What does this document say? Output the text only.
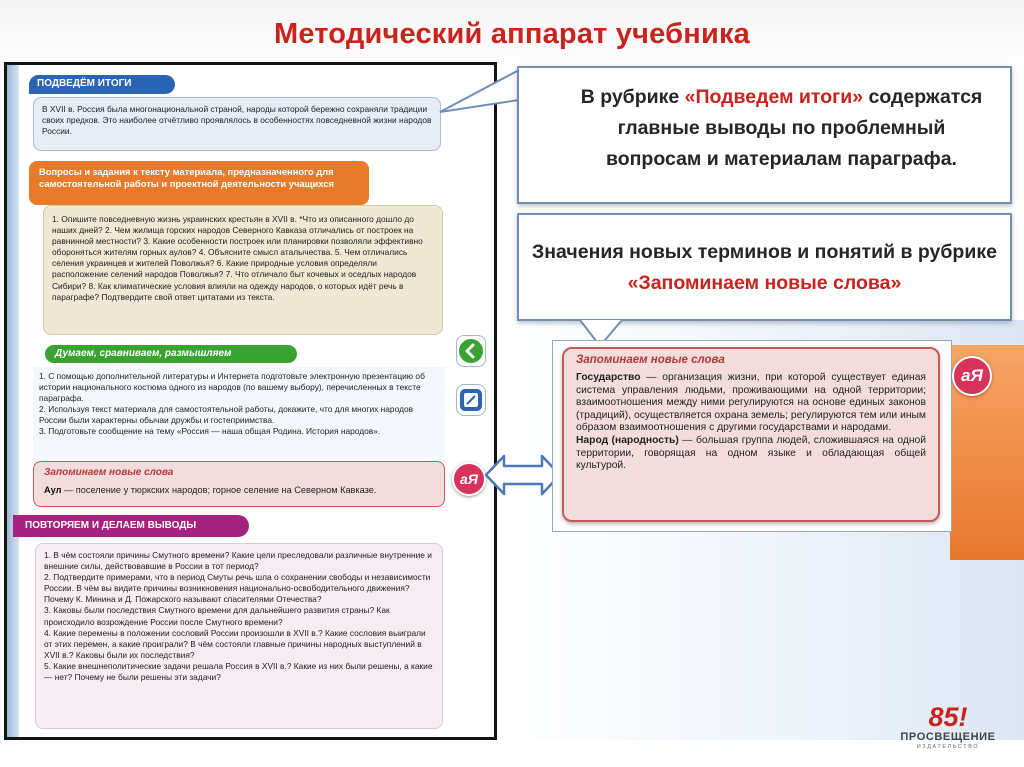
Методический аппарат учебника
ПОДВЕДЁМ ИТОГИ
В XVII в. Россия была многонациональной страной, народы которой бережно сохраняли традиции своих предков. Это наиболее отчётливо проявлялось в особенностях повседневной жизни народов России.
Вопросы и задания к тексту материала, предназначенного для самостоятельной работы и проектной деятельности учащихся
1. Опишите повседневную жизнь украинских крестьян в XVII в. *Что из описанного дошло до наших дней? 2. Чем жилища горских народов Северного Кавказа отличались от построек на равнинной местности? 3. Какие особенности построек или планировки позволяли эффективно обороняться жителям горных аулов? 4. Объясните смысл аталычества. 5. Чем отличались селения украинцев и жителей Поволжья? 6. Какие природные условия определяли расположение селений народов Поволжья? 7. Что отличало быт кочевых и оседлых народов Сибири? 8. Как климатические условия влияли на одежду народов, о которых идёт речь в параграфе? Подтвердите свой ответ цитатами из текста.
Думаем, сравниваем, размышляем

1. С помощью дополнительной литературы и Интернета подготовьте электронную презентацию об истории национального костюма одного из народов (по вашему выбору), перечисленных в тексте параграфа.

2. Используя текст материала для самостоятельной работы, докажите, что для многих народов России были характерны обычаи дружбы и гостеприимства.

3. Подготовьте сообщение на тему «Россия — наша общая Родина. История народов».

Запоминаем новые слова
Аул — поселение у тюркских народов; горное селение на Северном Кавказе.
ПОВТОРЯЕМ И ДЕЛАЕМ ВЫВОДЫ

1. В чём состояли причины Смутного времени? Какие цели преследовали различные внутренние и внешние силы, действовавшие в России в тот период?

2. Подтвердите примерами, что в период Смуты речь шла о сохранении свободы и независимости России. В чём вы видите причины возникновения национально-освободительного движения? Почему К. Минина и Д. Пожарского называют спасителями Отечества?

3. Каковы были последствия Смутного времени для дальнейшего развития страны? Как происходило возрождение России после Смутного времени?

4. Какие перемены в положении сословий России произошли в XVII в.? Какие сословия выиграли от этих перемен, а какие проиграли? В чём состояли главные причины народных выступлений в XVII в.? Каковы были их последствия?

5. Какие внешнеполитические задачи решала Россия в XVII в.? Какие из них были решены, а какие — нет? Почему не были решены эти задачи?

аЯ
В рубрике «Подведем итоги» содержатся главные выводы по проблемный вопросам и материалам параграфа.
Значения новых терминов и понятий в рубрике «Запоминаем новые слова»
Запоминаем новые слова
Государство — организация жизни, при которой существует единая система управления людьми, проживающими на одной территории; взаимоотношения между ними регулируются на основе единых законов (традиций), осуществляется охрана земель; регулируются тем или иным образом взаимоотношения с другими государствами и народами.
Народ (народность) — большая группа людей, сложившаяся на одной территории, говорящая на одном языке и обладающая общей культурой.
аЯ
85!
ПРОСВЕЩЕНИЕ
ИЗДАТЕЛЬСТВО
